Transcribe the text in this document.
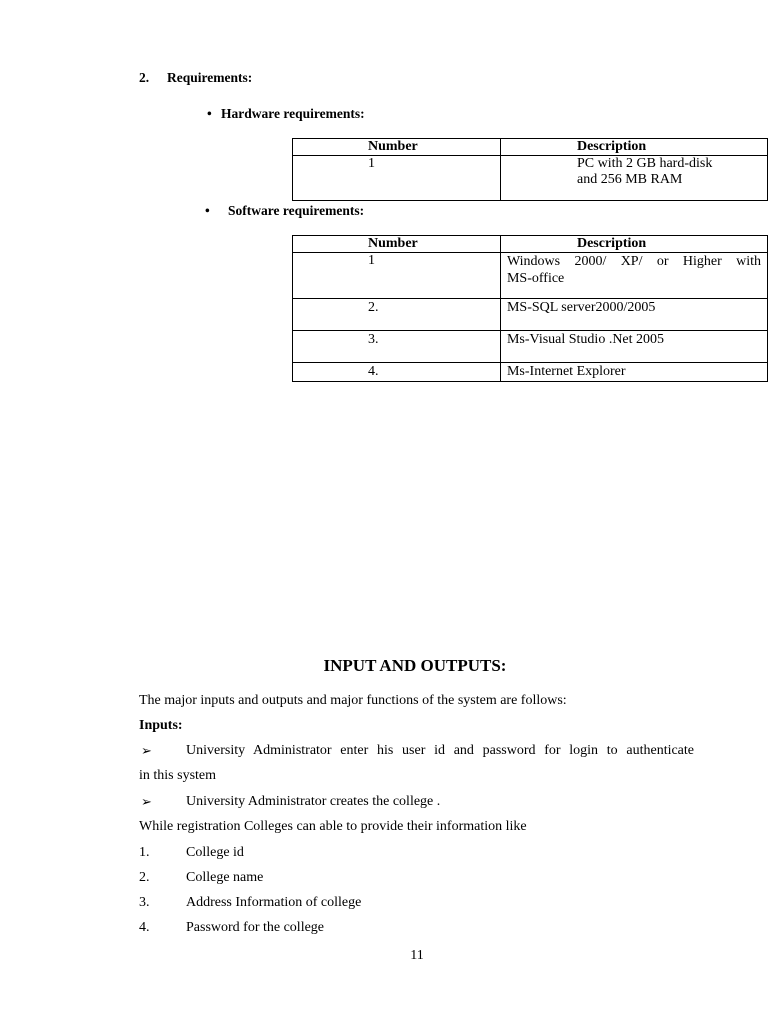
2. Requirements:
• Hardware requirements:
Number	Description
1	PC with 2 GB hard-disk
and 256 MB RAM
• Software requirements:
Number	Description
1	Windows 2000/ XP/ or Higher with
MS-office

2.	MS-SQL server2000/2005
3.	Ms-Visual Studio .Net 2005
4.	Ms-Internet Explorer
INPUT AND OUTPUTS:
The major inputs and outputs and major functions of the system are follows:
Inputs:
➢ University Administrator enter his user id and password for login to authenticate
in this system
➢ University Administrator creates the college .
While registration Colleges can able to provide their information like
1.	College id
2.	College name
3.	Address Information of college
4.	Password for the college
11
